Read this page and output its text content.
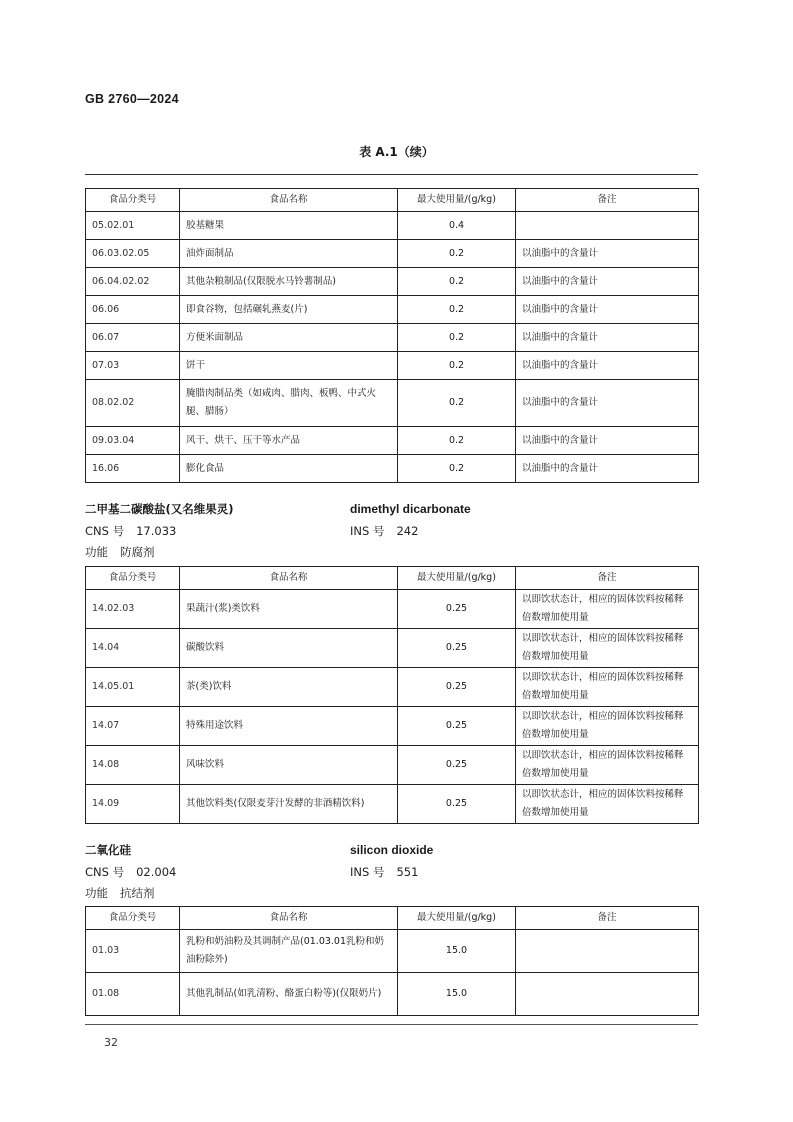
GB 2760—2024
表 A.1（续）
食品分类号	食品名称	最大使用量/(g/kg)	备注
05.02.01	胶基糖果	0.4	
06.03.02.05	油炸面制品	0.2	以油脂中的含量计
06.04.02.02	其他杂粮制品(仅限脱水马铃薯制品)	0.2	以油脂中的含量计
06.06	即食谷物，包括碾轧燕麦(片)	0.2	以油脂中的含量计
06.07	方便米面制品	0.2	以油脂中的含量计
07.03	饼干	0.2	以油脂中的含量计
08.02.02	腌腊肉制品类（如咸肉、腊肉、板鸭、中式火腿、腊肠）	0.2	以油脂中的含量计
09.03.04	风干、烘干、压干等水产品	0.2	以油脂中的含量计
16.06	膨化食品	0.2	以油脂中的含量计
二甲基二碳酸盐(又名维果灵)	dimethyl dicarbonate
CNS 号 17.033	INS 号 242
功能 防腐剂
食品分类号	食品名称	最大使用量/(g/kg)	备注
14.02.03	果蔬汁(浆)类饮料	0.25	以即饮状态计，相应的固体饮料按稀释倍数增加使用量
14.04	碳酸饮料	0.25	以即饮状态计，相应的固体饮料按稀释倍数增加使用量
14.05.01	茶(类)饮料	0.25	以即饮状态计，相应的固体饮料按稀释倍数增加使用量
14.07	特殊用途饮料	0.25	以即饮状态计，相应的固体饮料按稀释倍数增加使用量
14.08	风味饮料	0.25	以即饮状态计，相应的固体饮料按稀释倍数增加使用量
14.09	其他饮料类(仅限麦芽汁发酵的非酒精饮料)	0.25	以即饮状态计，相应的固体饮料按稀释倍数增加使用量
二氧化硅	silicon dioxide
CNS 号 02.004	INS 号 551
功能 抗结剂
食品分类号	食品名称	最大使用量/(g/kg)	备注
01.03	乳粉和奶油粉及其调制产品(01.03.01乳粉和奶油粉除外)	15.0	
01.08	其他乳制品(如乳清粉、酪蛋白粉等)(仅限奶片)	15.0	
32
